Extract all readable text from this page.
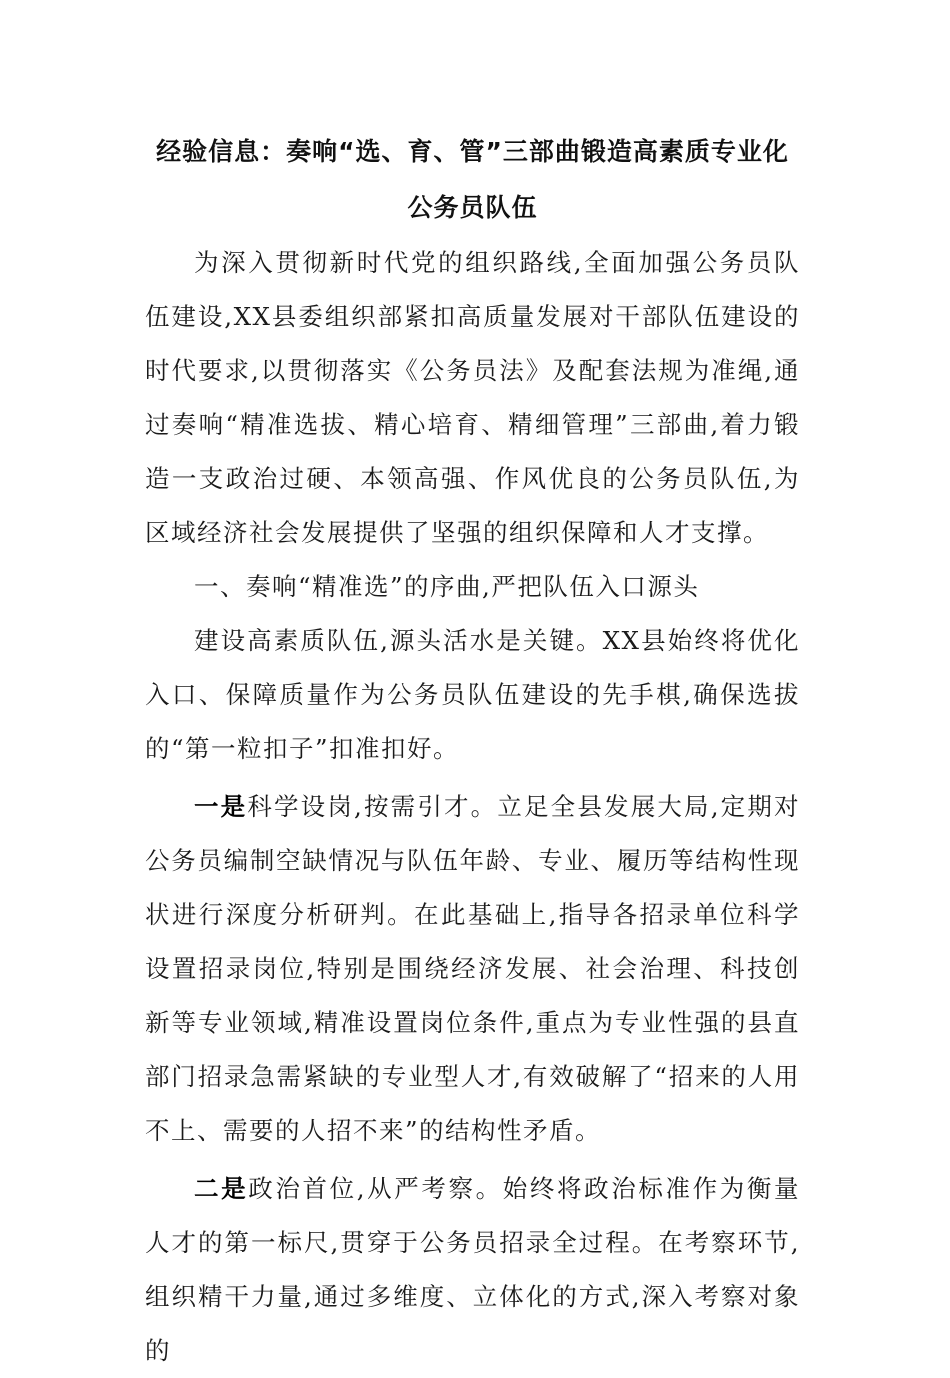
经验信息：奏响“选、育、管”三部曲锻造高素质专业化
公务员队伍

为深入贯彻新时代党的组织路线,全面加强公务员队伍建设,XX县委组织部紧扣高质量发展对干部队伍建设的时代要求,以贯彻落实《公务员法》及配套法规为准绳,通过奏响“精准选拔、精心培育、精细管理”三部曲,着力锻造一支政治过硬、本领高强、作风优良的公务员队伍,为区域经济社会发展提供了坚强的组织保障和人才支撑。

一、奏响“精准选”的序曲,严把队伍入口源头

建设高素质队伍,源头活水是关键。XX县始终将优化入口、保障质量作为公务员队伍建设的先手棋,确保选拔的“第一粒扣子”扣准扣好。

一是科学设岗,按需引才。立足全县发展大局,定期对公务员编制空缺情况与队伍年龄、专业、履历等结构性现状进行深度分析研判。在此基础上,指导各招录单位科学设置招录岗位,特别是围绕经济发展、社会治理、科技创新等专业领域,精准设置岗位条件,重点为专业性强的县直部门招录急需紧缺的专业型人才,有效破解了“招来的人用不上、需要的人招不来”的结构性矛盾。

二是政治首位,从严考察。始终将政治标准作为衡量人才的第一标尺,贯穿于公务员招录全过程。在考察环节,组织精干力量,通过多维度、立体化的方式,深入考察对象的
